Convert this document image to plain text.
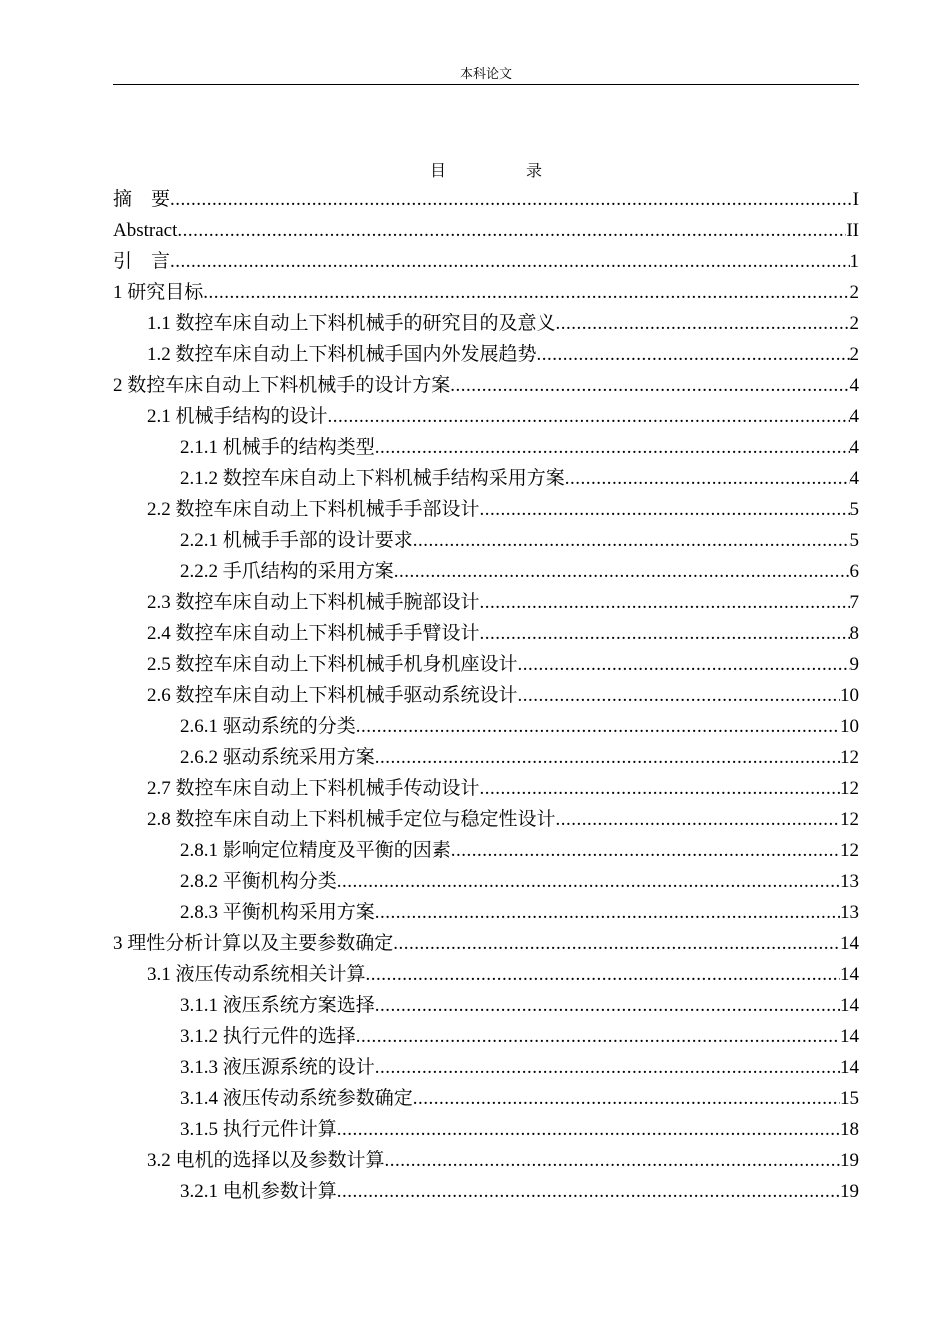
本科论文
目　录
摘　要 .....	I
Abstract .....	II
引　言 .....	1
1 研究目标 .....	2
1.1 数控车床自动上下料机械手的研究目的及意义 .....	2
1.2 数控车床自动上下料机械手国内外发展趋势 .....	2
2 数控车床自动上下料机械手的设计方案 .....	4
2.1 机械手结构的设计 .....	4
2.1.1 机械手的结构类型 .....	4
2.1.2 数控车床自动上下料机械手结构采用方案 .....	4
2.2 数控车床自动上下料机械手手部设计 .....	5
2.2.1 机械手手部的设计要求 .....	5
2.2.2 手爪结构的采用方案 .....	6
2.3 数控车床自动上下料机械手腕部设计 .....	7
2.4 数控车床自动上下料机械手手臂设计 .....	8
2.5 数控车床自动上下料机械手机身机座设计 .....	9
2.6 数控车床自动上下料机械手驱动系统设计 .....	10
2.6.1 驱动系统的分类 .....	10
2.6.2 驱动系统采用方案 .....	12
2.7 数控车床自动上下料机械手传动设计 .....	12
2.8 数控车床自动上下料机械手定位与稳定性设计 .....	12
2.8.1 影响定位精度及平衡的因素 .....	12
2.8.2 平衡机构分类 .....	13
2.8.3 平衡机构采用方案 .....	13
3 理性分析计算以及主要参数确定 .....	14
3.1 液压传动系统相关计算 .....	14
3.1.1 液压系统方案选择 .....	14
3.1.2 执行元件的选择 .....	14
3.1.3 液压源系统的设计 .....	14
3.1.4 液压传动系统参数确定 .....	15
3.1.5 执行元件计算 .....	18
3.2 电机的选择以及参数计算 .....	19
3.2.1 电机参数计算 .....	19
